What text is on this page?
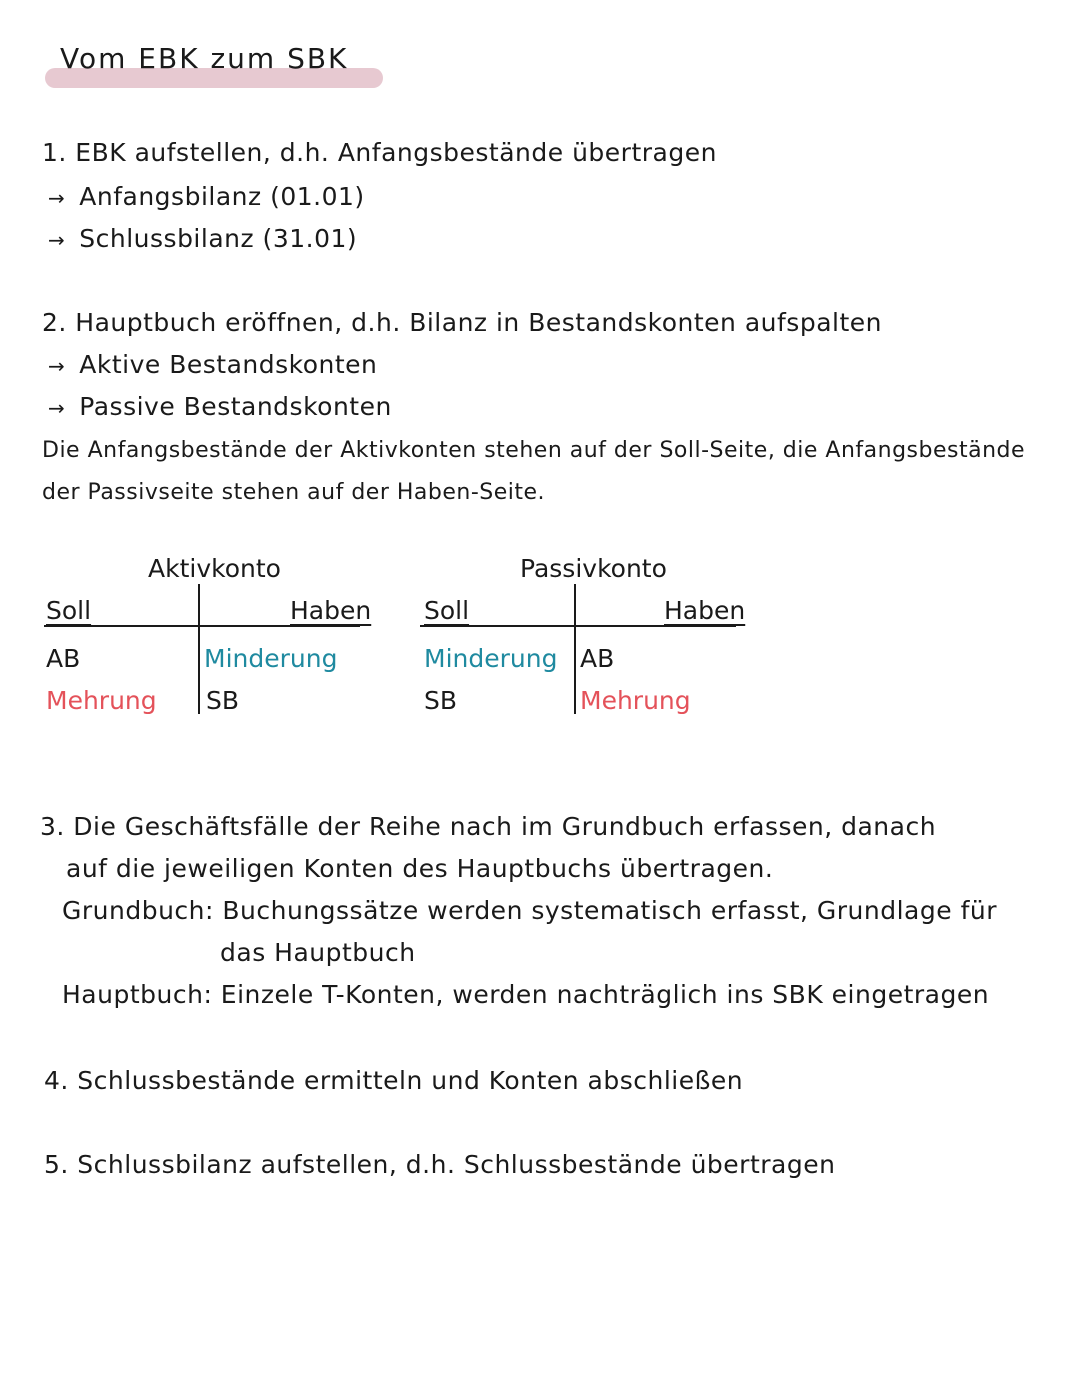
Vom EBK zum SBK
1. EBK aufstellen, d.h. Anfangsbestände übertragen
→ Anfangsbilanz (01.01)
→ Schlussbilanz (31.01)
2. Hauptbuch eröffnen, d.h. Bilanz in Bestandskonten aufspalten
→ Aktive Bestandskonten
→ Passive Bestandskonten
Die Anfangsbestände der Aktivkonten stehen auf der Soll-Seite, die Anfangsbestände
der Passivseite stehen auf der Haben-Seite.
Aktivkonto
Soll	Haben
AB
Mehrung
Minderung
SB
Passivkonto
Soll	Haben
Minderung
SB
AB
Mehrung
3. Die Geschäftsfälle der Reihe nach im Grundbuch erfassen, danach
auf die jeweiligen Konten des Hauptbuchs übertragen.
Grundbuch: Buchungssätze werden systematisch erfasst, Grundlage für
das Hauptbuch
Hauptbuch: Einzele T-Konten, werden nachträglich ins SBK eingetragen
4. Schlussbestände ermitteln und Konten abschließen
5. Schlussbilanz aufstellen, d.h. Schlussbestände übertragen
